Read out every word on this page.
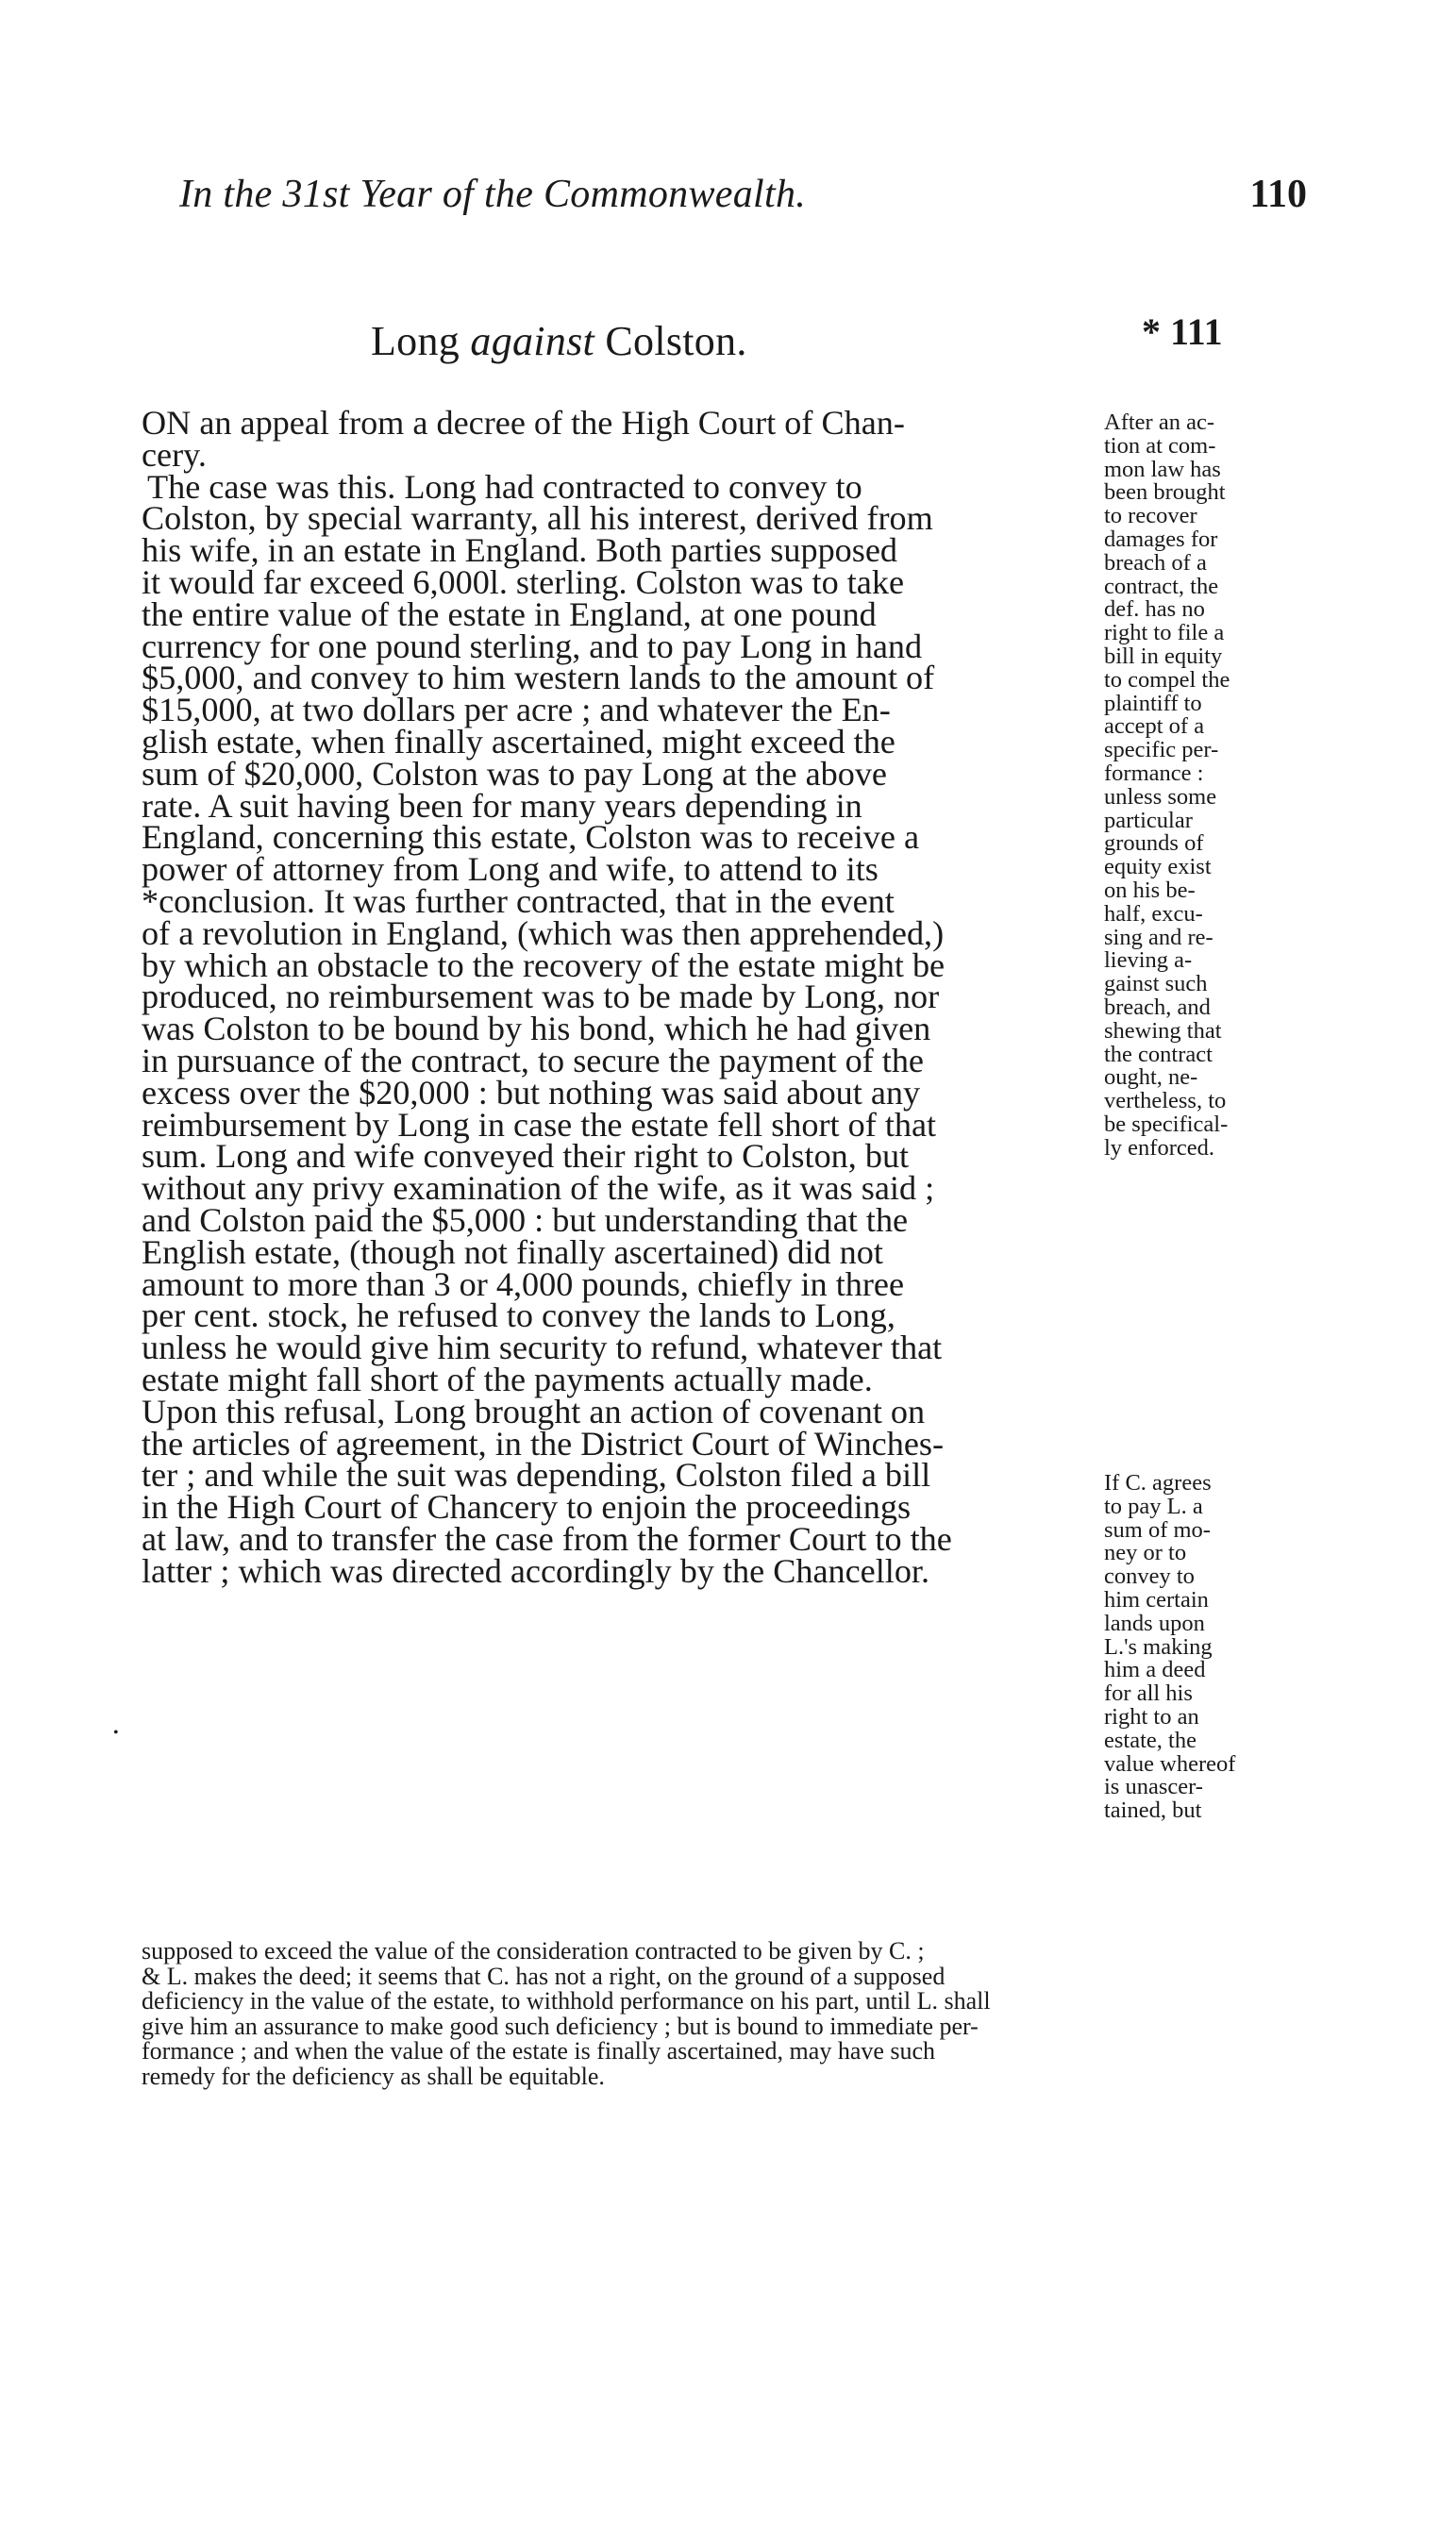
In the 31st Year of the Commonwealth.	110
Long against Colston.	* 111
ON an appeal from a decree of the High Court of Chan-
cery.
The case was this. Long had contracted to convey to
Colston, by special warranty, all his interest, derived from
his wife, in an estate in England. Both parties supposed
it would far exceed 6,000l. sterling. Colston was to take
the entire value of the estate in England, at one pound
currency for one pound sterling, and to pay Long in hand
$5,000, and convey to him western lands to the amount of
$15,000, at two dollars per acre ; and whatever the En-
glish estate, when finally ascertained, might exceed the
sum of $20,000, Colston was to pay Long at the above
rate. A suit having been for many years depending in
England, concerning this estate, Colston was to receive a
power of attorney from Long and wife, to attend to its
*conclusion. It was further contracted, that in the event
of a revolution in England, (which was then apprehended,)
by which an obstacle to the recovery of the estate might be
produced, no reimbursement was to be made by Long, nor
was Colston to be bound by his bond, which he had given
in pursuance of the contract, to secure the payment of the
excess over the $20,000 : but nothing was said about any
reimbursement by Long in case the estate fell short of that
sum. Long and wife conveyed their right to Colston, but
without any privy examination of the wife, as it was said ;
and Colston paid the $5,000 : but understanding that the
English estate, (though not finally ascertained) did not
amount to more than 3 or 4,000 pounds, chiefly in three
per cent. stock, he refused to convey the lands to Long,
unless he would give him security to refund, whatever that
estate might fall short of the payments actually made.
Upon this refusal, Long brought an action of covenant on
the articles of agreement, in the District Court of Winches-
ter ; and while the suit was depending, Colston filed a bill
in the High Court of Chancery to enjoin the proceedings
at law, and to transfer the case from the former Court to the
latter ; which was directed accordingly by the Chancellor.
After an ac-
tion at com-
mon law has
been brought
to recover
damages for
breach of a
contract, the
def. has no
right to file a
bill in equity
to compel the
plaintiff to
accept of a
specific per-
formance :
unless some
particular
grounds of
equity exist
on his be-
half, excu-
sing and re-
lieving a-
gainst such
breach, and
shewing that
the contract
ought, ne-
vertheless, to
be specifical-
ly enforced.
If C. agrees
to pay L. a
sum of mo-
ney or to
convey to
him certain
lands upon
L.'s making
him a deed
for all his
right to an
estate, the
value whereof
is unascer-
tained, but
supposed to exceed the value of the consideration contracted to be given by C. ;
& L. makes the deed; it seems that C. has not a right, on the ground of a supposed
deficiency in the value of the estate, to withhold performance on his part, until L. shall
give him an assurance to make good such deficiency ; but is bound to immediate per-
formance ; and when the value of the estate is finally ascertained, may have such
remedy for the deficiency as shall be equitable.
•
